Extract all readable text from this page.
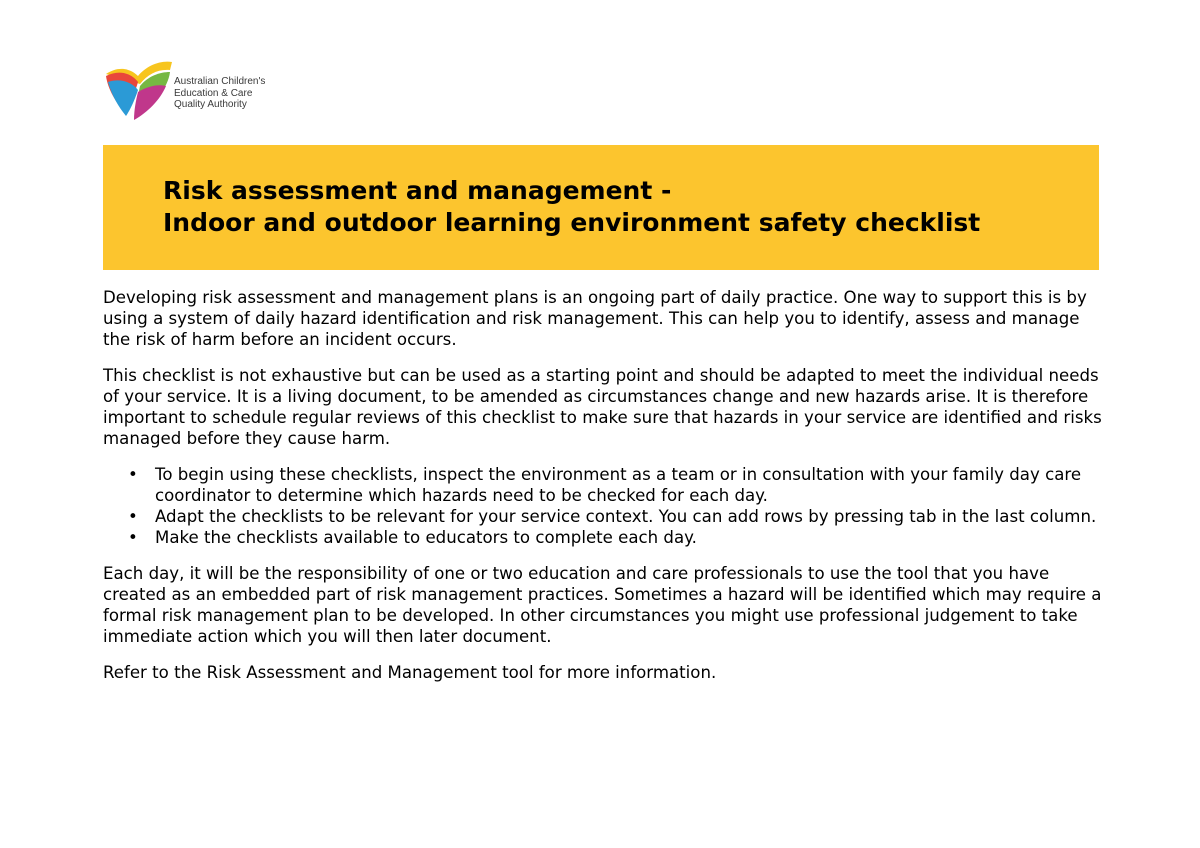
Australian Children's
Education & Care
Quality Authority
Risk assessment and management -
Indoor and outdoor learning environment safety checklist

Developing risk assessment and management plans is an ongoing part of daily practice. One way to support this is by using a system of daily hazard identification and risk management. This can help you to identify, assess and manage the risk of harm before an incident occurs.

This checklist is not exhaustive but can be used as a starting point and should be adapted to meet the individual needs of your service. It is a living document, to be amended as circumstances change and new hazards arise. It is therefore important to schedule regular reviews of this checklist to make sure that hazards in your service are identified and risks managed before they cause harm.

• To begin using these checklists, inspect the environment as a team or in consultation with your family day care coordinator to determine which hazards need to be checked for each day.
• Adapt the checklists to be relevant for your service context. You can add rows by pressing tab in the last column.
• Make the checklists available to educators to complete each day.

Each day, it will be the responsibility of one or two education and care professionals to use the tool that you have created as an embedded part of risk management practices. Sometimes a hazard will be identified which may require a formal risk management plan to be developed. In other circumstances you might use professional judgement to take immediate action which you will then later document.

Refer to the Risk Assessment and Management tool for more information.
